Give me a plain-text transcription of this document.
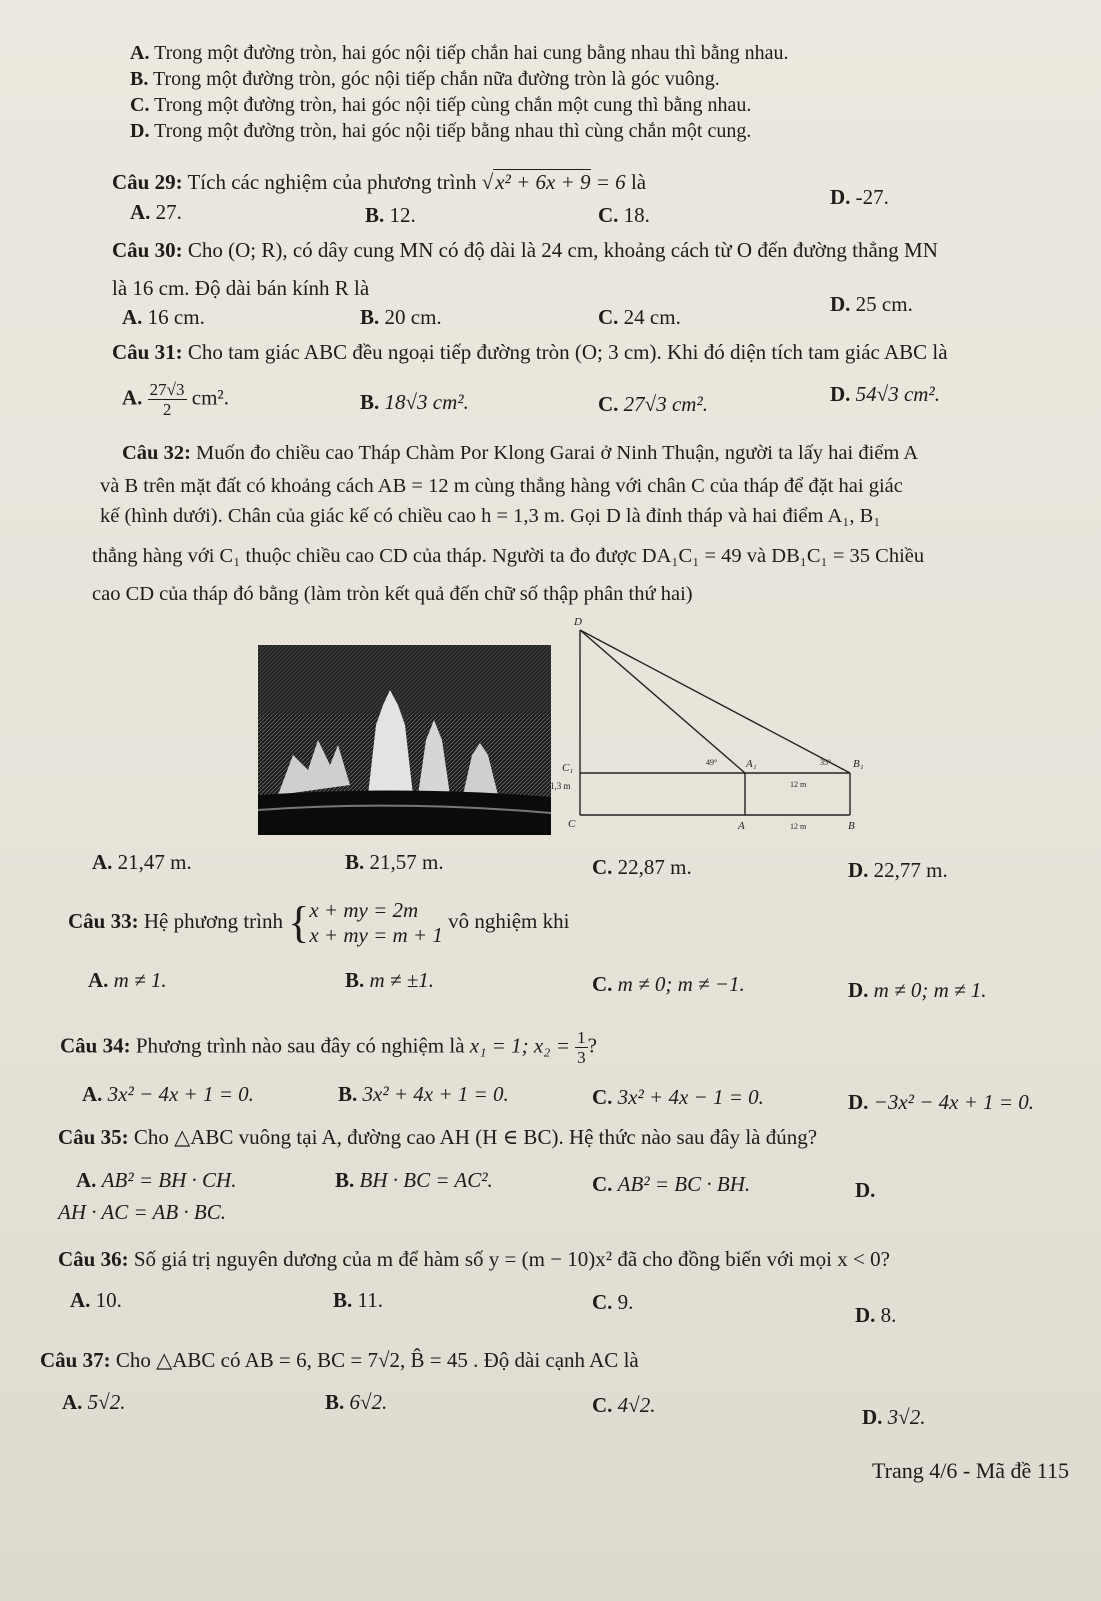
A. Trong một đường tròn, hai góc nội tiếp chắn hai cung bằng nhau thì bằng nhau.
B. Trong một đường tròn, góc nội tiếp chắn nữa đường tròn là góc vuông.
C. Trong một đường tròn, hai góc nội tiếp cùng chắn một cung thì bằng nhau.
D. Trong một đường tròn, hai góc nội tiếp bằng nhau thì cùng chắn một cung.
Câu 29: Tích các nghiệm của phương trình √x² + 6x + 9 = 6 là
A. 27.	B. 12.	C. 18.
D. -27.
Câu 30: Cho (O; R), có dây cung MN có độ dài là 24 cm, khoảng cách từ O đến đường thẳng MN
là 16 cm. Độ dài bán kính R là
A. 16 cm.	B. 20 cm.	C. 24 cm.
D. 25 cm.
Câu 31: Cho tam giác ABC đều ngoại tiếp đường tròn (O; 3 cm). Khi đó diện tích tam giác ABC là
A. $\frac{27√3}{2} cm^2$.	B. 18√3 cm².	C. 27√3 cm².	D. 54√3 cm².
Câu 32: Muốn đo chiều cao Tháp Chàm Por Klong Garai ở Ninh Thuận, người ta lấy hai điểm A
và B trên mặt đất có khoảng cách AB = 12 m cùng thẳng hàng với chân C của tháp để đặt hai giác
kế (hình dưới). Chân của giác kế có chiều cao h = 1,3 m. Gọi D là đỉnh tháp và hai điểm A₁, B₁
thẳng hàng với C₁ thuộc chiều cao CD của tháp. Người ta đo được DA₁C₁ = 49 và DB₁C₁ = 35 Chiều
cao CD của tháp đó bằng (làm tròn kết quả đến chữ số thập phân thứ hai)
D
C₁	A₁	B₁
C	A	B
1,3 m
49°	35°
12 m
12 m
A. 21,47 m.	B. 21,57 m.	C. 22,87 m.	D. 22,77 m.
Câu 33: Hệ phương trình {x + my = 2m
x + my = m + 1 vô nghiệm khi
A. m ≠ 1.	B. m ≠ ±1.	C. m ≠ 0; m ≠ −1.	D. m ≠ 0; m ≠ 1.
Câu 34: Phương trình nào sau đây có nghiệm là x₁ = 1; $x_2 = \frac{1}{3}$ ?
A. 3x² − 4x + 1 = 0.	B. 3x² + 4x + 1 = 0.	C. 3x² + 4x − 1 = 0.	D. −3x² − 4x + 1 = 0.
Câu 35: Cho △ABC vuông tại A, đường cao AH (H ∈ BC). Hệ thức nào sau đây là đúng?
A. AB² = BH · CH.	B. BH · BC = AC².	C. AB² = BC · BH.	D.
AH · AC = AB · BC.
Câu 36: Số giá trị nguyên dương của m để hàm số y = (m − 10)x² đã cho đồng biến với mọi x < 0?
A. 10.	B. 11.	C. 9.
D. 8.
Câu 37: Cho △ABC có AB = 6, BC = 7√2, B̂ = 45 . Độ dài cạnh AC là
A. 5√2.	B. 6√2.	C. 4√2.	D. 3√2.
Trang 4/6 - Mã đề 115
